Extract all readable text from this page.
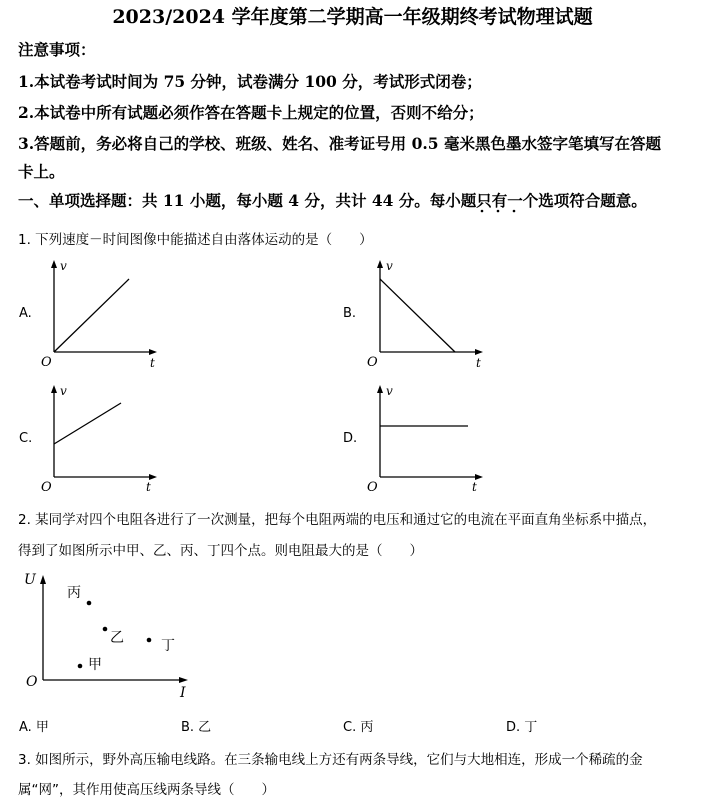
2023/2024 学年度第二学期高一年级期终考试物理试题
注意事项：
1.本试卷考试时间为 75 分钟，试卷满分 100 分，考试形式闭卷；
2.本试卷中所有试题必须作答在答题卡上规定的位置，否则不给分；
3.答题前，务必将自己的学校、班级、姓名、准考证号用 0.5 毫米黑色墨水签字笔填写在答题
卡上。
一、单项选择题：共 11 小题，每小题 4 分，共计 44 分。每小题只有一个选项符合题意。
1. 下列速度－时间图像中能描述自由落体运动的是（　　）
A.
v
O	t
B.
v
O	t
C.
v
O	t
D.
v
O	t
2. 某同学对四个电阻各进行了一次测量，把每个电阻两端的电压和通过它的电流在平面直角坐标系中描点，
得到了如图所示中甲、乙、丙、丁四个点。则电阻最大的是（　　）
U
O
I
丙
乙	丁
甲
A. 甲	B. 乙	C. 丙	D. 丁
3. 如图所示，野外高压输电线路。在三条输电线上方还有两条导线，它们与大地相连，形成一个稀疏的金
属“网”，其作用使高压线两条导线（　　）
